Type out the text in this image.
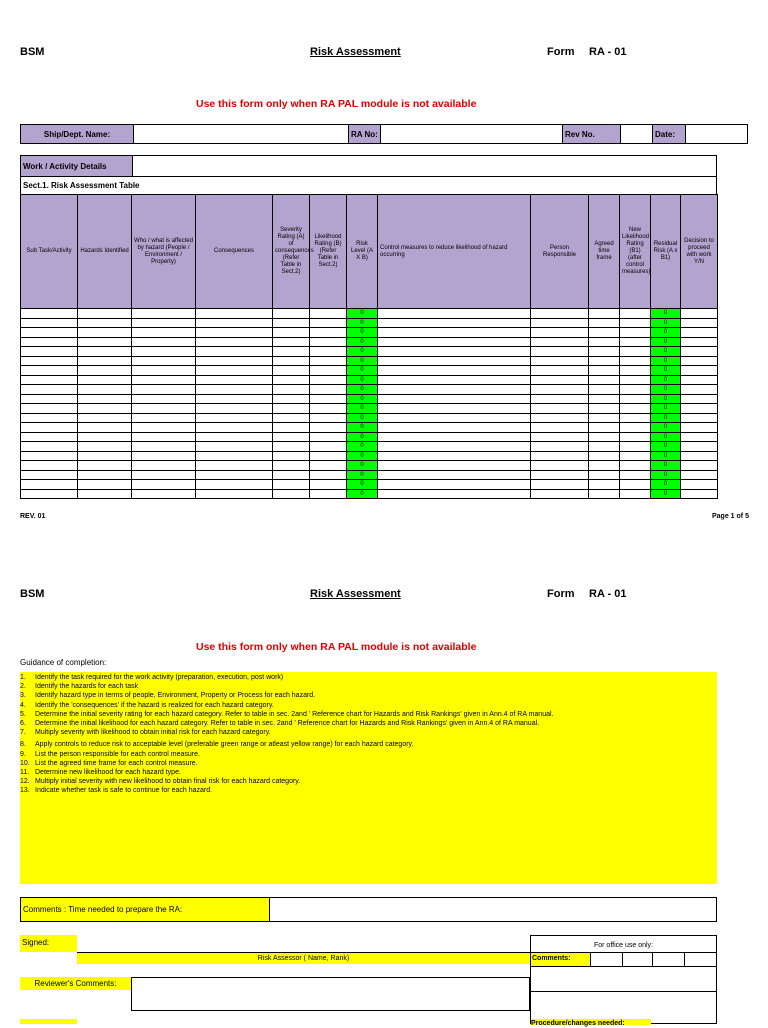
BSM	Risk Assessment	Form RA - 01
Use this form only when RA PAL module is not available
Ship/Dept. Name:		RA No:		Rev No.		Date:	
Work / Activity Details	
Sect.1. Risk Assessment Table
Sub Task/Activity	Hazards Identified	Who / what is affected by hazard (People / Environment / Property)	Consequences	Severity Rating (A) of consequences (Refer Table in Sect.2)	Likelihood Rating (B) (Refer Table in Sect.2)	Risk Level (A X B)	Control measures to reduce likelihood of hazard occurring	Person Responsible	Agreed time frame	New Likelihood Rating (B1) (after control measures)	Residual Risk (A x B1)	Decision to proceed with work Y/N
						0					0	
						0					0	
						0					0	
						0					0	
						0					0	
						0					0	
						0					0	
						0					0	
						0					0	
						0					0	
						0					0	
						0					0	
						0					0	
						0					0	
						0					0	
						0					0	
						0					0	
						0					0	
						0					0	
						0					0	
REV. 01	Page 1 of 5
BSM	Risk Assessment	Form RA - 01
Use this form only when RA PAL module is not available
Guidance of completion:
1. Identify the task required for the work activity (preparation, execution, post work)
2. Identify the hazards for each task
3. Identify hazard type in terms of people, Environment, Property or Process for each hazard.
4. Identify the 'consequences' if the hazard is realized for each hazard category.
5. Determine the initial severity rating for each hazard category. Refer to table in sec. 2and ' Reference chart for Hazards and Risk Rankings' given in Ann.4 of RA manual.
6. Determine the initial likelihood for each hazard category. Refer to table in sec. 2and ' Reference chart for Hazards and Risk Rankings' given in Ann.4 of RA manual.
7. Multiply severity with likelihood to obtain initial risk for each hazard category.
8. Apply controls to reduce risk to acceptable level (preferable green range or atleast yellow range) for each hazard category.
9. List the person responsible for each control measure.
10. List the agreed time frame for each control measure.
11. Determine new likelihood for each hazard type.
12. Multiply initial severity with new likelihood to obtain final risk for each hazard category.
13. Indicate whether task is safe to continue for each hazard.
Comments : Time needed to prepare the RA:
Signed:
Risk Assessor ( Name, Rank)
For office use only:
Comments:
Procedure/changes needed:
Reviewer's Comments:
